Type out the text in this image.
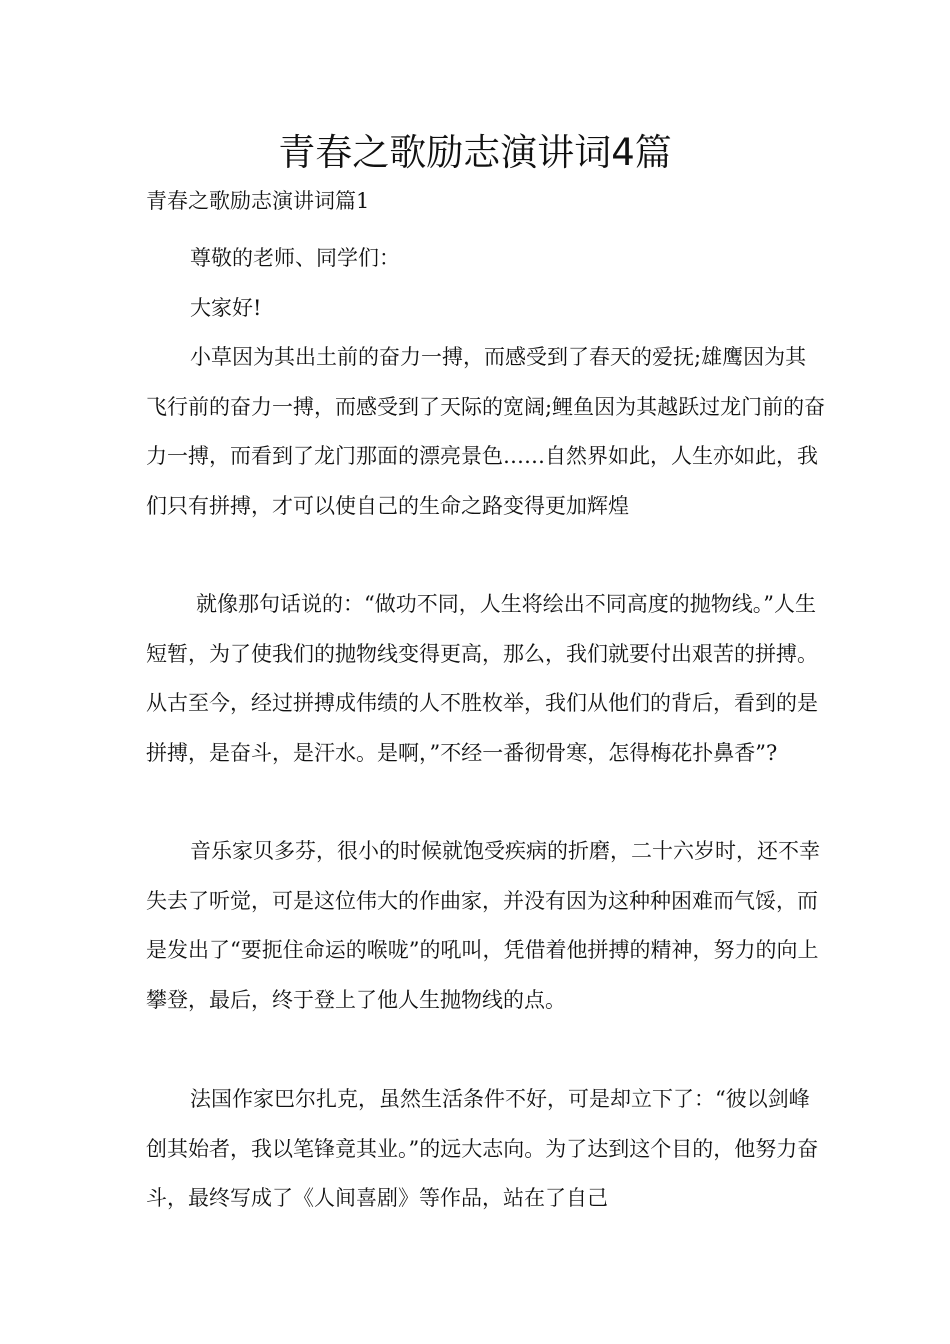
青春之歌励志演讲词4篇
青春之歌励志演讲词篇1

尊敬的老师、同学们：

大家好!

小草因为其出土前的奋力一搏，而感受到了春天的爱抚;雄鹰因为其飞行前的奋力一搏，而感受到了天际的宽阔;鲤鱼因为其越跃过龙门前的奋力一搏，而看到了龙门那面的漂亮景色……自然界如此，人生亦如此，我们只有拼搏，才可以使自己的生命之路变得更加辉煌

就像那句话说的：“做功不同，人生将绘出不同高度的抛物线。”人生短暂，为了使我们的抛物线变得更高，那么，我们就要付出艰苦的拼搏。从古至今，经过拼搏成伟绩的人不胜枚举，我们从他们的背后，看到的是拼搏，是奋斗，是汗水。是啊，”不经一番彻骨寒，怎得梅花扑鼻香”?

音乐家贝多芬，很小的时候就饱受疾病的折磨，二十六岁时，还不幸失去了听觉，可是这位伟大的作曲家，并没有因为这种种困难而气馁，而是发出了“要扼住命运的喉咙”的吼叫，凭借着他拼搏的精神，努力的向上攀登，最后，终于登上了他人生抛物线的点。

法国作家巴尔扎克，虽然生活条件不好，可是却立下了：“彼以剑峰创其始者，我以笔锋竟其业。”的远大志向。为了达到这个目的，他努力奋斗，最终写成了《人间喜剧》等作品，站在了自己
